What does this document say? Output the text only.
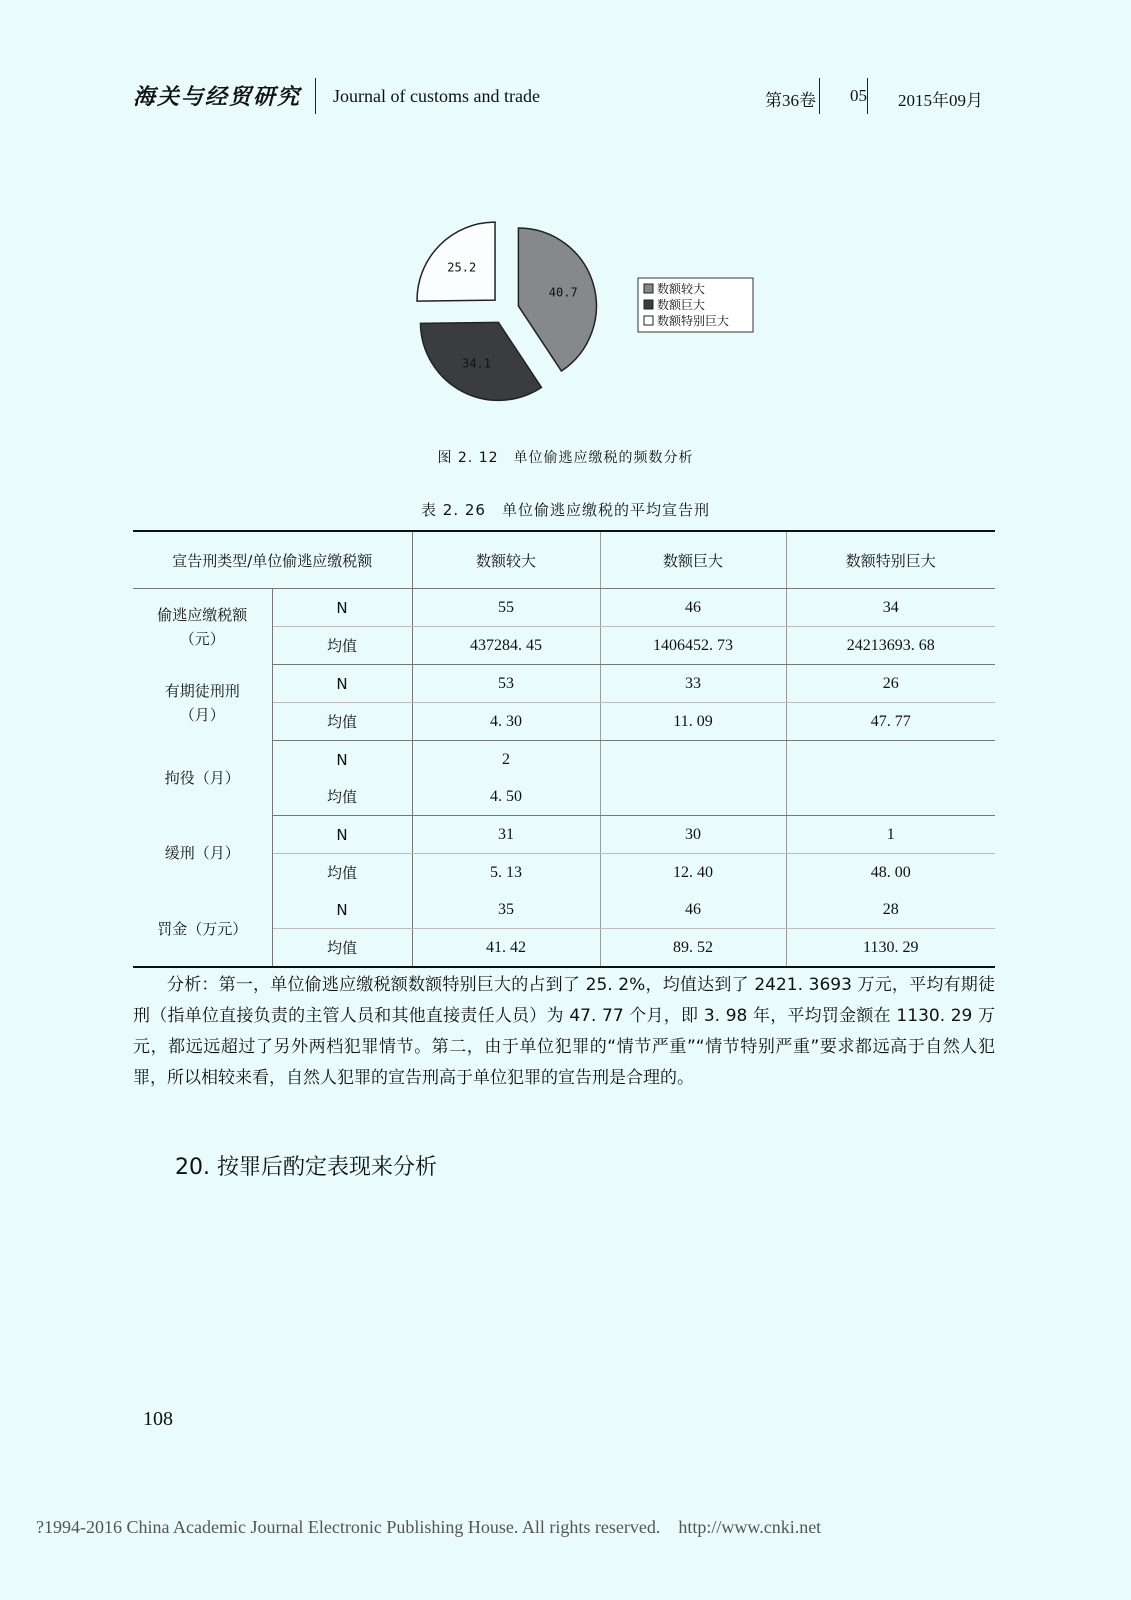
海关与经贸研究 Journal of customs and trade	第36卷 05 2015年09月
40.7
34.1
25.2
数额较大
数额巨大
数额特别巨大
图 2. 12　单位偷逃应缴税的频数分析
表 2. 26　单位偷逃应缴税的平均宣告刑
宣告刑类型/单位偷逃应缴税额		数额较大	数额巨大	数额特别巨大

偷逃应缴税额
（元）	N	55	46	34
	均值	437284. 45	1406452. 73	24213693. 68

有期徒刑刑
（月）	N	53	33	26
	均值	4. 30	11. 09	47. 77

拘役（月）	N	2		
	均值	4. 50		

缓刑（月）	N	31	30	1
	均值	5. 13	12. 40	48. 00

罚金（万元）	N	35	46	28
	均值	41. 42	89. 52	1130. 29
分析：第一，单位偷逃应缴税额数额特别巨大的占到了 25. 2%，均值达到了 2421. 3693 万元，平均有期徒刑（指单位直接负责的主管人员和其他直接责任人员）为 47. 77 个月，即 3. 98 年，平均罚金额在 1130. 29 万元，都远远超过了另外两档犯罪情节。第二，由于单位犯罪的“情节严重”“情节特别严重”要求都远高于自然人犯罪，所以相较来看，自然人犯罪的宣告刑高于单位犯罪的宣告刑是合理的。
20. 按罪后酌定表现来分析
108
?1994-2016 China Academic Journal Electronic Publishing House. All rights reserved.　http://www.cnki.net
